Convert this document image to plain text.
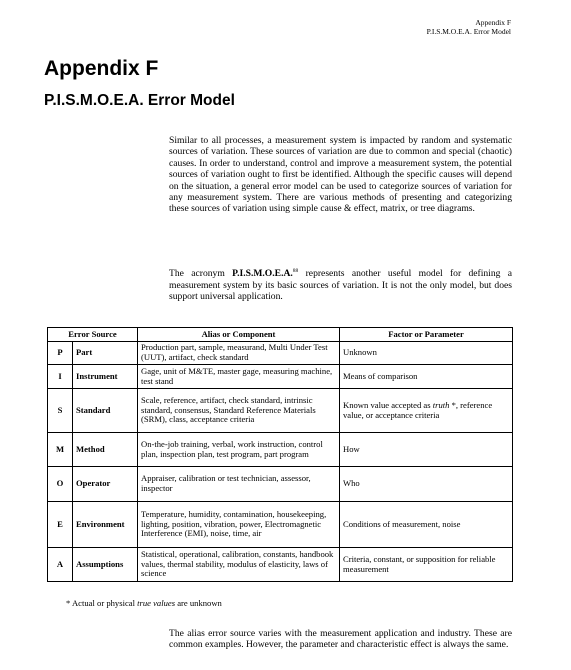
Appendix F
P.I.S.M.O.E.A. Error Model
Appendix F
P.I.S.M.O.E.A. Error Model

Similar to all processes, a measurement system is impacted by random and systematic sources of variation. These sources of variation are due to common and special (chaotic) causes. In order to understand, control and improve a measurement system, the potential sources of variation ought to first be identified. Although the specific causes will depend on the situation, a general error model can be used to categorize sources of variation for any measurement system. There are various methods of presenting and categorizing these sources of variation using simple cause & effect, matrix, or tree diagrams.

The acronym P.I.S.M.O.E.A.$^{88}$ represents another useful model for defining a measurement system by its basic sources of variation. It is not the only model, but does support universal application.

Error Source		Alias or Component	Factor or Parameter
P	Part	Production part, sample, measurand, Multi Under Test (UUT), artifact, check standard	Unknown
I	Instrument	Gage, unit of M&TE, master gage, measuring machine, test stand	Means of comparison
S	Standard	Scale, reference, artifact, check standard, intrinsic standard, consensus, Standard Reference Materials (SRM), class, acceptance criteria	Known value accepted as truth *, reference value, or acceptance criteria
M	Method	On-the-job training, verbal, work instruction, control plan, inspection plan, test program, part program	How
O	Operator	Appraiser, calibration or test technician, assessor, inspector	Who
E	Environment	Temperature, humidity, contamination, housekeeping, lighting, position, vibration, power, Electromagnetic Interference (EMI), noise, time, air	Conditions of measurement, noise
A	Assumptions	Statistical, operational, calibration, constants, handbook values, thermal stability, modulus of elasticity, laws of science	Criteria, constant, or supposition for reliable measurement
* Actual or physical true values are unknown

The alias error source varies with the measurement application and industry. These are common examples. However, the parameter and characteristic effect is always the same.
